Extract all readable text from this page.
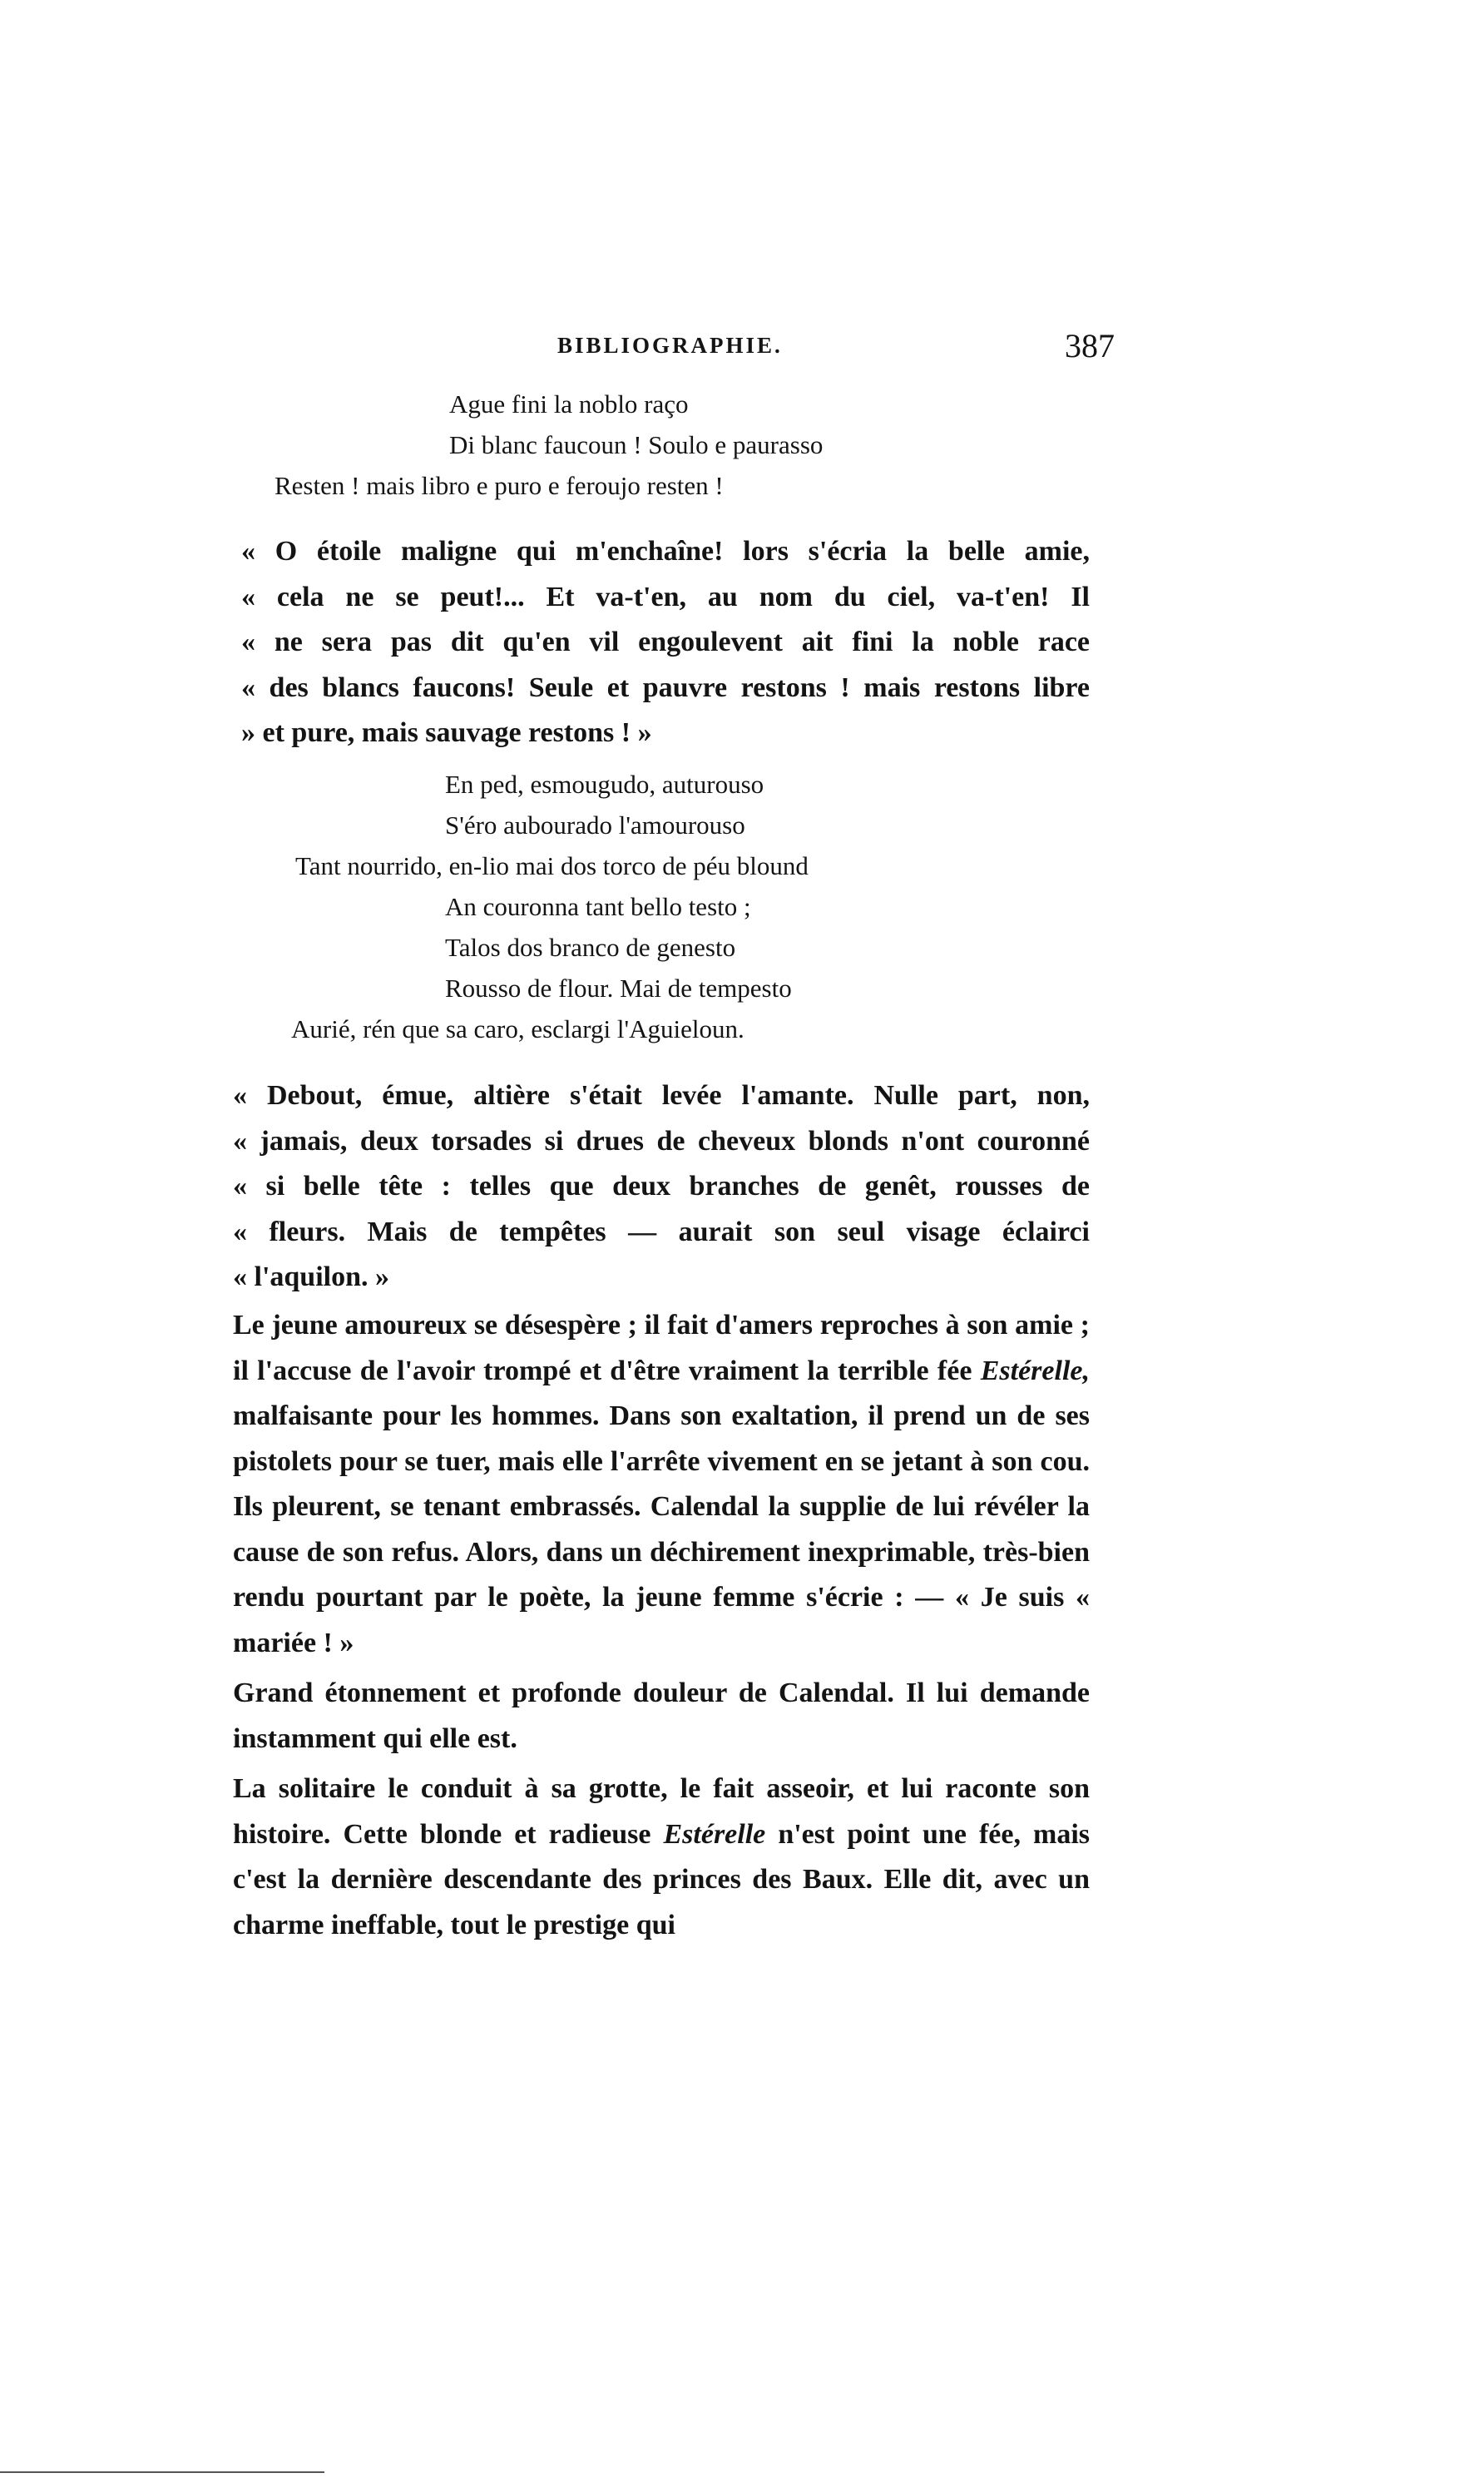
BIBLIOGRAPHIE.	387
Ague fini la noblo raço
Di blanc faucoun ! Soulo e paurasso
Resten ! mais libro e puro e feroujo resten !
« O étoile maligne qui m'enchaîne! lors s'écria la belle amie,
« cela ne se peut!... Et va-t'en, au nom du ciel, va-t'en! Il
« ne sera pas dit qu'en vil engoulevent ait fini la noble race
« des blancs faucons! Seule et pauvre restons ! mais restons libre
» et pure, mais sauvage restons ! »
En ped, esmougudo, auturouso
S'éro aubourado l'amourouso
Tant nourrido, en-lio mai dos torco de péu blound
An couronna tant bello testo ;
Talos dos branco de genesto
Rousso de flour. Mai de tempesto
Aurié, rén que sa caro, esclargi l'Aguieloun.
« Debout, émue, altière s'était levée l'amante. Nulle part, non,
« jamais, deux torsades si drues de cheveux blonds n'ont couronné
« si belle tête : telles que deux branches de genêt, rousses de
« fleurs. Mais de tempêtes — aurait son seul visage éclairci
« l'aquilon. »

Le jeune amoureux se désespère ; il fait d'amers reproches à son amie ; il l'accuse de l'avoir trompé et d'être vraiment la terrible fée Estérelle, malfaisante pour les hommes. Dans son exaltation, il prend un de ses pistolets pour se tuer, mais elle l'arrête vivement en se jetant à son cou. Ils pleurent, se tenant embrassés. Calendal la supplie de lui révéler la cause de son refus. Alors, dans un déchirement inexprimable, très-bien rendu pourtant par le poète, la jeune femme s'écrie : — « Je suis « mariée ! »

Grand étonnement et profonde douleur de Calendal. Il lui demande instamment qui elle est.

La solitaire le conduit à sa grotte, le fait asseoir, et lui raconte son histoire. Cette blonde et radieuse Estérelle n'est point une fée, mais c'est la dernière descendante des princes des Baux. Elle dit, avec un charme ineffable, tout le prestige qui
